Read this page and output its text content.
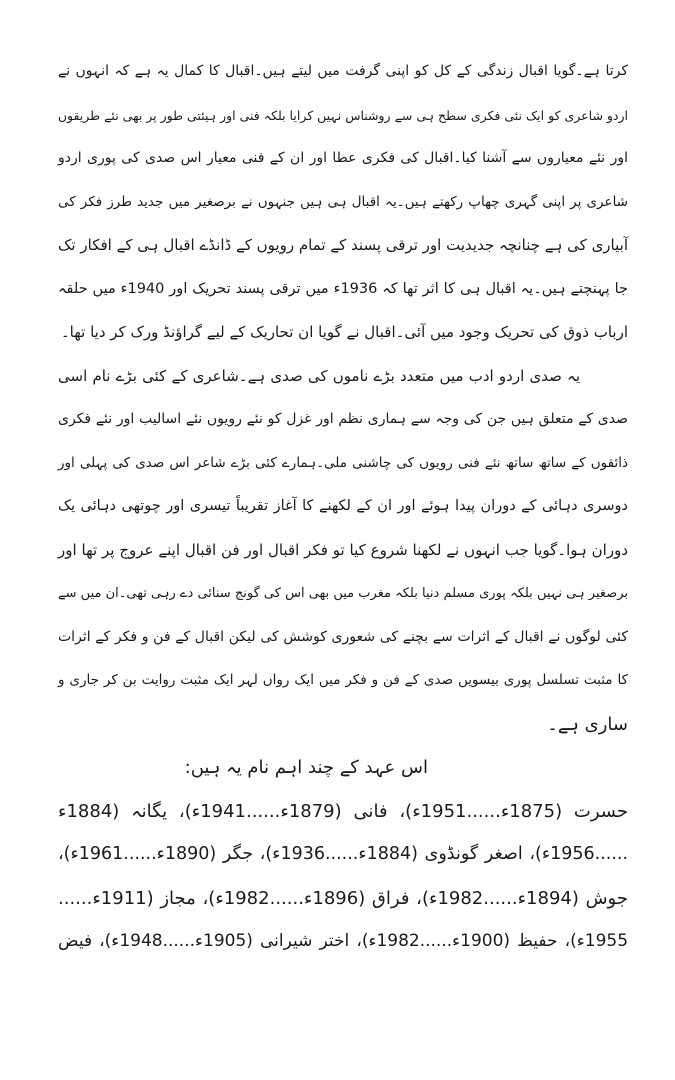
کرتا ہے۔گویا اقبال زندگی کے کل کو اپنی گرفت میں لیتے ہیں۔اقبال کا کمال یہ ہے کہ انہوں نے
اردو شاعری کو ایک نئی فکری سطح ہی سے روشناس نہیں کرایا بلکہ فنی اور ہیئتی طور پر بھی نئے طریقوں
اور نئے معیاروں سے آشنا کیا۔اقبال کی فکری عطا اور ان کے فنی معیار اس صدی کی پوری اردو
شاعری پر اپنی گہری چھاپ رکھتے ہیں۔یہ اقبال ہی ہیں جنہوں نے برصغیر میں جدید طرز فکر کی
آبیاری کی ہے چنانچہ جدیدیت اور ترقی پسند کے تمام رویوں کے ڈانڈے اقبال ہی کے افکار تک
جا پہنچتے ہیں۔یہ اقبال ہی کا اثر تھا کہ 1936ء میں ترقی پسند تحریک اور 1940ء میں حلقہ
ارباب ذوق کی تحریک وجود میں آئی۔اقبال نے گویا ان تحاریک کے لیے گراؤنڈ ورک کر دیا تھا۔
یہ صدی اردو ادب میں متعدد بڑے ناموں کی صدی ہے۔شاعری کے کئی بڑے نام اسی
صدی کے متعلق ہیں جن کی وجہ سے ہماری نظم اور غزل کو نئے رویوں نئے اسالیب اور نئے فکری
ذائقوں کے ساتھ ساتھ نئے فنی رویوں کی چاشنی ملی۔ہمارے کئی بڑے شاعر اس صدی کی پہلی اور
دوسری دہائی کے دوران پیدا ہوئے اور ان کے لکھنے کا آغاز تقریباً تیسری اور چوتھی دہائی یک
دوران ہوا۔گویا جب انہوں نے لکھنا شروع کیا تو فکر اقبال اور فن اقبال اپنے عروج پر تھا اور
برصغیر ہی نہیں بلکہ پوری مسلم دنیا بلکہ مغرب میں بھی اس کی گونج سنائی دے رہی تھی۔ان میں سے
کئی لوگوں نے اقبال کے اثرات سے بچنے کی شعوری کوشش کی لیکن اقبال کے فن و فکر کے اثرات
کا مثبت تسلسل پوری بیسویں صدی کے فن و فکر میں ایک رواں لہر ایک مثبت روایت بن کر جاری و
ساری ہے۔
اس عہد کے چند اہم نام یہ ہیں:
حسرت (1875ء......1951ء)، فانی (1879ء......1941ء)، یگانہ (1884ء
......1956ء)، اصغر گونڈوی (1884ء......1936ء)، جگر (1890ء......1961ء)،
جوش (1894ء......1982ء)، فراق (1896ء......1982ء)، مجاز (1911ء......
1955ء)، حفیظ (1900ء......1982ء)، اختر شیرانی (1905ء......1948ء)، فیض
